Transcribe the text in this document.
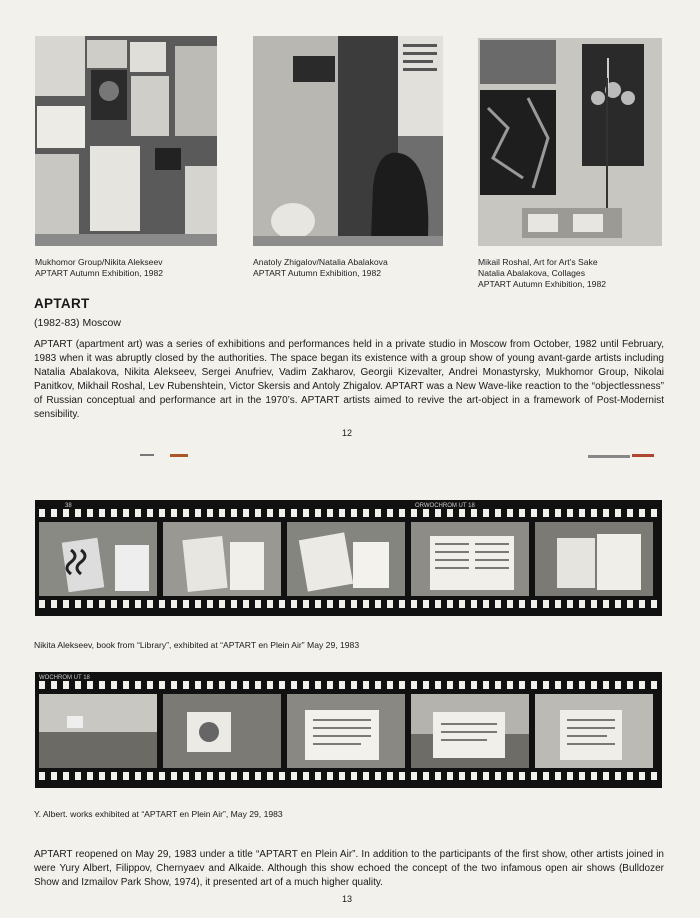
Mukhomor Group/Nikita Alekseev
APTART Autumn Exhibition, 1982
Anatoly Zhigalov/Natalia Abalakova
APTART Autumn Exhibition, 1982
Mikail Roshal, Art for Art's Sake
Natalia Abalakova, Collages
APTART Autumn Exhibition, 1982
APTART
(1982-83) Moscow
APTART (apartment art) was a series of exhibitions and performances held in a private studio in Moscow from October, 1982 until February, 1983 when it was abruptly closed by the authorities. The space began its existence with a group show of young avant-garde artists including Natalia Abalakova, Nikita Alekseev, Sergei Anufriev, Vadim Zakharov, Georgii Kizevalter, Andrei Monastyrsky, Mukhomor Group, Nikolai Panitkov, Mikhail Roshal, Lev Rubenshtein, Victor Skersis and Antoly Zhigalov. APTART was a New Wave-like reaction to the “objectlessness” of Russian conceptual and performance art in the 1970’s. APTART artists aimed to revive the art-object in a framework of Post-Modernist sensibility.
12
38	ORWOCHROM UT 18
Nikita Alekseev, book from “Library”, exhibited at “APTART en Plein Air” May 29, 1983
WOCHROM UT 18
Y. Albert. works exhibited at “APTART en Plein Air”, May 29, 1983
APTART reopened on May 29, 1983 under a title “APTART en Plein Air”. In addition to the participants of the first show, other artists joined in were Yury Albert, Filippov, Chernyaev and Alkaide. Although this show echoed the concept of the two infamous open air shows (Bulldozer Show and Izmailov Park Show, 1974), it presented art of a much higher quality.
13
